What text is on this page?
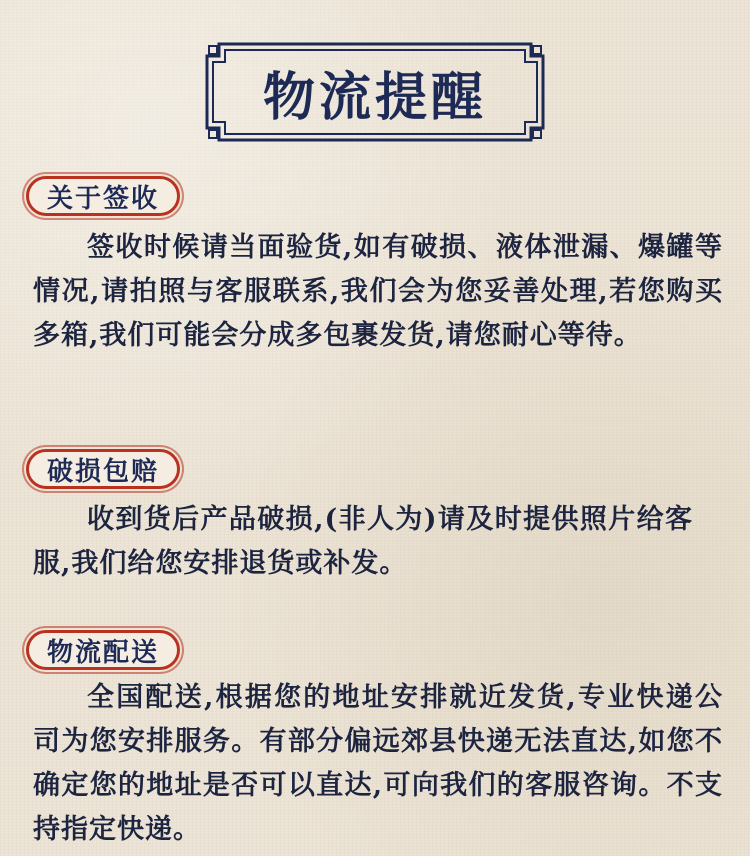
物流提醒
关于签收
签收时候请当面验货,如有破损、液体泄漏、爆罐等情况,请拍照与客服联系,我们会为您妥善处理,若您购买多箱,我们可能会分成多包裹发货,请您耐心等待。
破损包赔
收到货后产品破损,(非人为)请及时提供照片给客服,我们给您安排退货或补发。
物流配送
全国配送,根据您的地址安排就近发货,专业快递公司为您安排服务。有部分偏远郊县快递无法直达,如您不确定您的地址是否可以直达,可向我们的客服咨询。不支持指定快递。
